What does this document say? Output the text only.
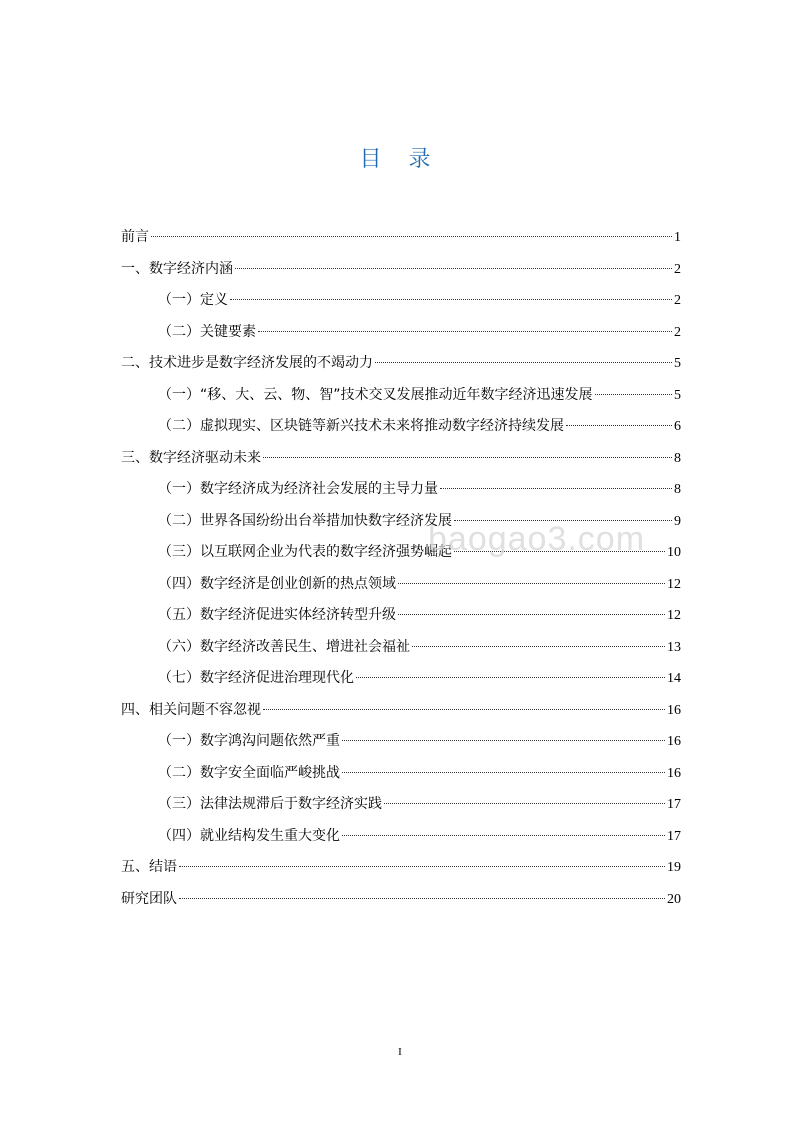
目 录
前言	1
一、数字经济内涵	2
（一）定义	2
（二）关键要素	2
二、技术进步是数字经济发展的不竭动力	5
（一）“移、大、云、物、智”技术交叉发展推动近年数字经济迅速发展	5
（二）虚拟现实、区块链等新兴技术未来将推动数字经济持续发展	6
三、数字经济驱动未来	8
（一）数字经济成为经济社会发展的主导力量	8
（二）世界各国纷纷出台举措加快数字经济发展	9
（三）以互联网企业为代表的数字经济强势崛起	10
（四）数字经济是创业创新的热点领域	12
（五）数字经济促进实体经济转型升级	12
（六）数字经济改善民生、增进社会福祉	13
（七）数字经济促进治理现代化	14
四、相关问题不容忽视	16
（一）数字鸿沟问题依然严重	16
（二）数字安全面临严峻挑战	16
（三）法律法规滞后于数字经济实践	17
（四）就业结构发生重大变化	17
五、结语	19
研究团队	20
baogao3.com
I
